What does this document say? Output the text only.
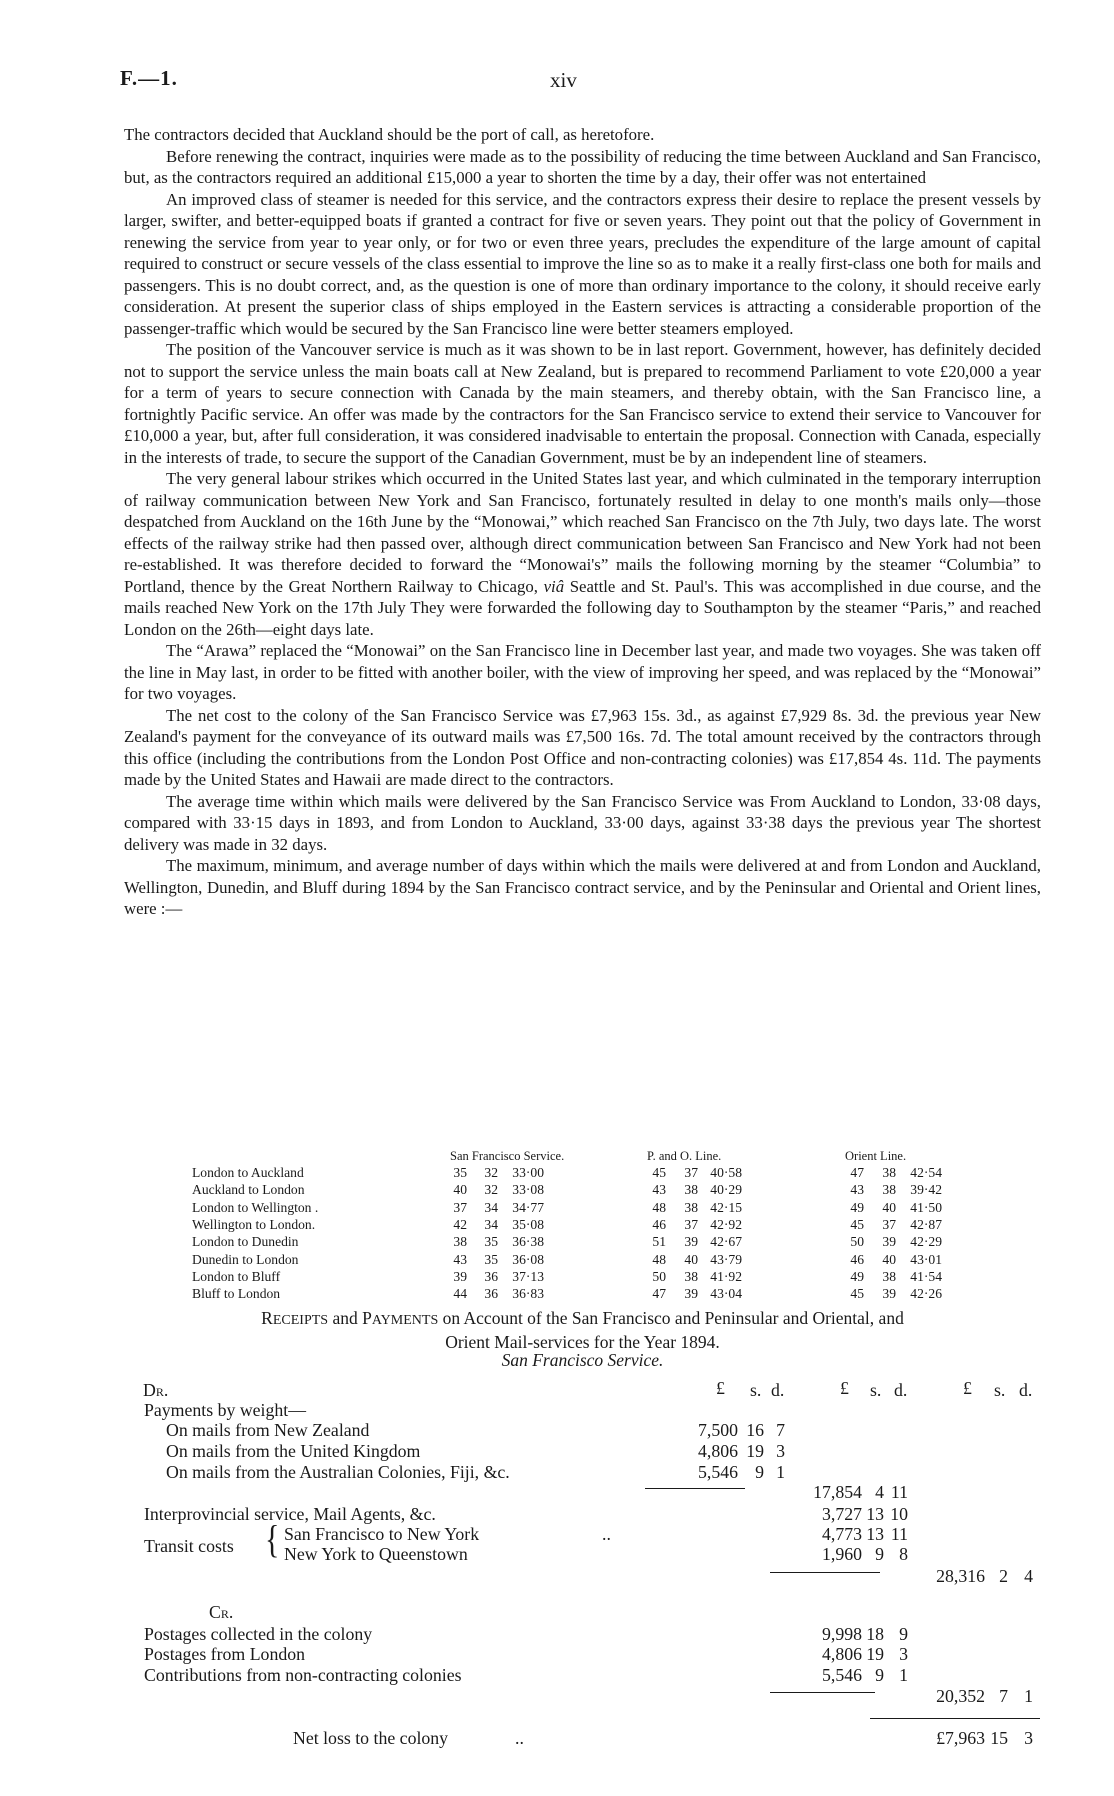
F.—1.	xiv

The contractors decided that Auckland should be the port of call, as heretofore.

Before renewing the contract, inquiries were made as to the possibility of reducing the time between Auckland and San Francisco, but, as the contractors required an additional £15,000 a year to shorten the time by a day, their offer was not entertained

An improved class of steamer is needed for this service, and the contractors express their desire to replace the present vessels by larger, swifter, and better-equipped boats if granted a contract for five or seven years. They point out that the policy of Government in renewing the service from year to year only, or for two or even three years, precludes the expenditure of the large amount of capital required to construct or secure vessels of the class essential to improve the line so as to make it a really first-class one both for mails and passengers. This is no doubt correct, and, as the question is one of more than ordinary importance to the colony, it should receive early consideration. At present the superior class of ships employed in the Eastern services is attracting a considerable proportion of the passenger-traffic which would be secured by the San Francisco line were better steamers employed.

The position of the Vancouver service is much as it was shown to be in last report. Government, however, has definitely decided not to support the service unless the main boats call at New Zealand, but is prepared to recommend Parliament to vote £20,000 a year for a term of years to secure connection with Canada by the main steamers, and thereby obtain, with the San Francisco line, a fortnightly Pacific service. An offer was made by the contractors for the San Francisco service to extend their service to Vancouver for £10,000 a year, but, after full consideration, it was considered inadvisable to entertain the proposal. Connection with Canada, especially in the interests of trade, to secure the support of the Canadian Government, must be by an independent line of steamers.

The very general labour strikes which occurred in the United States last year, and which culminated in the temporary interruption of railway communication between New York and San Francisco, fortunately resulted in delay to one month's mails only—those despatched from Auckland on the 16th June by the “Monowai,” which reached San Francisco on the 7th July, two days late. The worst effects of the railway strike had then passed over, although direct communication between San Francisco and New York had not been re-established. It was therefore decided to forward the “Monowai's” mails the following morning by the steamer “Columbia” to Portland, thence by the Great Northern Railway to Chicago, viâ Seattle and St. Paul's. This was accomplished in due course, and the mails reached New York on the 17th July They were forwarded the following day to Southampton by the steamer “Paris,” and reached London on the 26th—eight days late.

The “Arawa” replaced the “Monowai” on the San Francisco line in December last year, and made two voyages. She was taken off the line in May last, in order to be fitted with another boiler, with the view of improving her speed, and was replaced by the “Monowai” for two voyages.

The net cost to the colony of the San Francisco Service was £7,963 15s. 3d., as against £7,929 8s. 3d. the previous year New Zealand's payment for the conveyance of its outward mails was £7,500 16s. 7d. The total amount received by the contractors through this office (including the contributions from the London Post Office and non-contracting colonies) was £17,854 4s. 11d. The payments made by the United States and Hawaii are made direct to the contractors.

The average time within which mails were delivered by the San Francisco Service was From Auckland to London, 33·08 days, compared with 33·15 days in 1893, and from London to Auckland, 33·00 days, against 33·38 days the previous year The shortest delivery was made in 32 days.

The maximum, minimum, and average number of days within which the mails were delivered at and from London and Auckland, Wellington, Dunedin, and Bluff during 1894 by the San Francisco contract service, and by the Peninsular and Oriental and Orient lines, were :—

San Francisco Service.	P. and O. Line.	Orient Line.
London to Auckland	35	32	33·00	45	37 40·58	47	38	42·54
Auckland to London	40	32	33·08	43	38 40·29	43	38	39·42
London to Wellington .	37	34	34·77	48	38 42·15	49	40	41·50
Wellington to London.	42	34	35·08	46	37 42·92	45	37	42·87
London to Dunedin	38	35	36·38	51	39 42·67	50	39	42·29
Dunedin to London	43	35	36·08	48	40 43·79	46	40	43·01
London to Bluff	39	36	37·13	50	38 41·92	49	38	41·54
Bluff to London	44	36	36·83	47	39 43·04	45	39	42·26
RECEIPTS and PAYMENTS on Account of the San Francisco and Peninsular and Oriental, and
Orient Mail-services for the Year 1894.
San Francisco Service.
Dr.	£ s. d.	£ s. d.	£ s. d.
Payments by weight—
On mails from New Zealand	7,500 16 7
On mails from the United Kingdom	4,806 19 3
On mails from the Australian Colonies, Fiji, &c.	5,546 9 1
17,854 4 11
Interprovincial service, Mail Agents, &c.	3,727 13 10
Transit costs { San Francisco to New York	..	4,773 13 11
New York to Queenstown	1,960 9 8
28,316 2 4
Cr.
Postages collected in the colony	9,998 18 9
Postages from London	4,806 19 3
Contributions from non-contracting colonies	5,546 9 1
20,352 7 1
Net loss to the colony	..	£7,963 15 3
